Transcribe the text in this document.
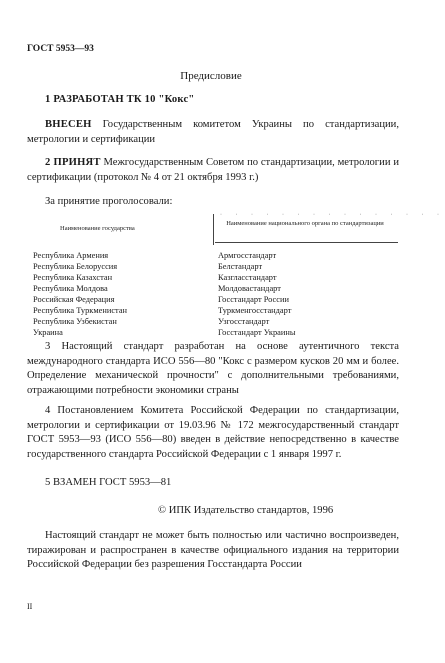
ГОСТ 5953—93
Предисловие

1 РАЗРАБОТАН ТК 10 "Кокс"

ВНЕСЕН Государственным комитетом Украины по стандартизации, метрологии и сертификации

2 ПРИНЯТ Межгосударственным Советом по стандартизации, метрологии и сертификации (протокол № 4 от 21 октября 1993 г.)

За принятие проголосовали:
· · · · · · · · · · · · · · ·
Наименование государства
Наименование национального органа по стандартизации
Республика Армения
Республика Белоруссия
Республика Казахстан
Республика Молдова
Российская Федерация
Республика Туркменистан
Республика Узбекистан
Украина
Армгосстандарт
Белстандарт
Казгласстандарт
Молдовастандарт
Госстандарт России
Туркменгосстандарт
Узгосстандарт
Госстандарт Украины

3 Настоящий стандарт разработан на основе аутентичного текста международного стандарта ИСО 556—80 "Кокс с размером кусков 20 мм и более. Определение механической прочности" с дополнительными требованиями, отражающими потребности экономики страны

4 Постановлением Комитета Российской Федерации по стандартизации, метрологии и сертификации от 19.03.96 № 172 межгосударственный стандарт ГОСТ 5953—93 (ИСО 556—80) введен в действие непосредственно в качестве государственного стандарта Российской Федерации с 1 января 1997 г.

5 ВЗАМЕН ГОСТ 5953—81

© ИПК Издательство стандартов, 1996

Настоящий стандарт не может быть полностью или частично воспроизведен, тиражирован и распространен в качестве официального издания на территории Российской Федерации без разрешения Госстандарта России

II
